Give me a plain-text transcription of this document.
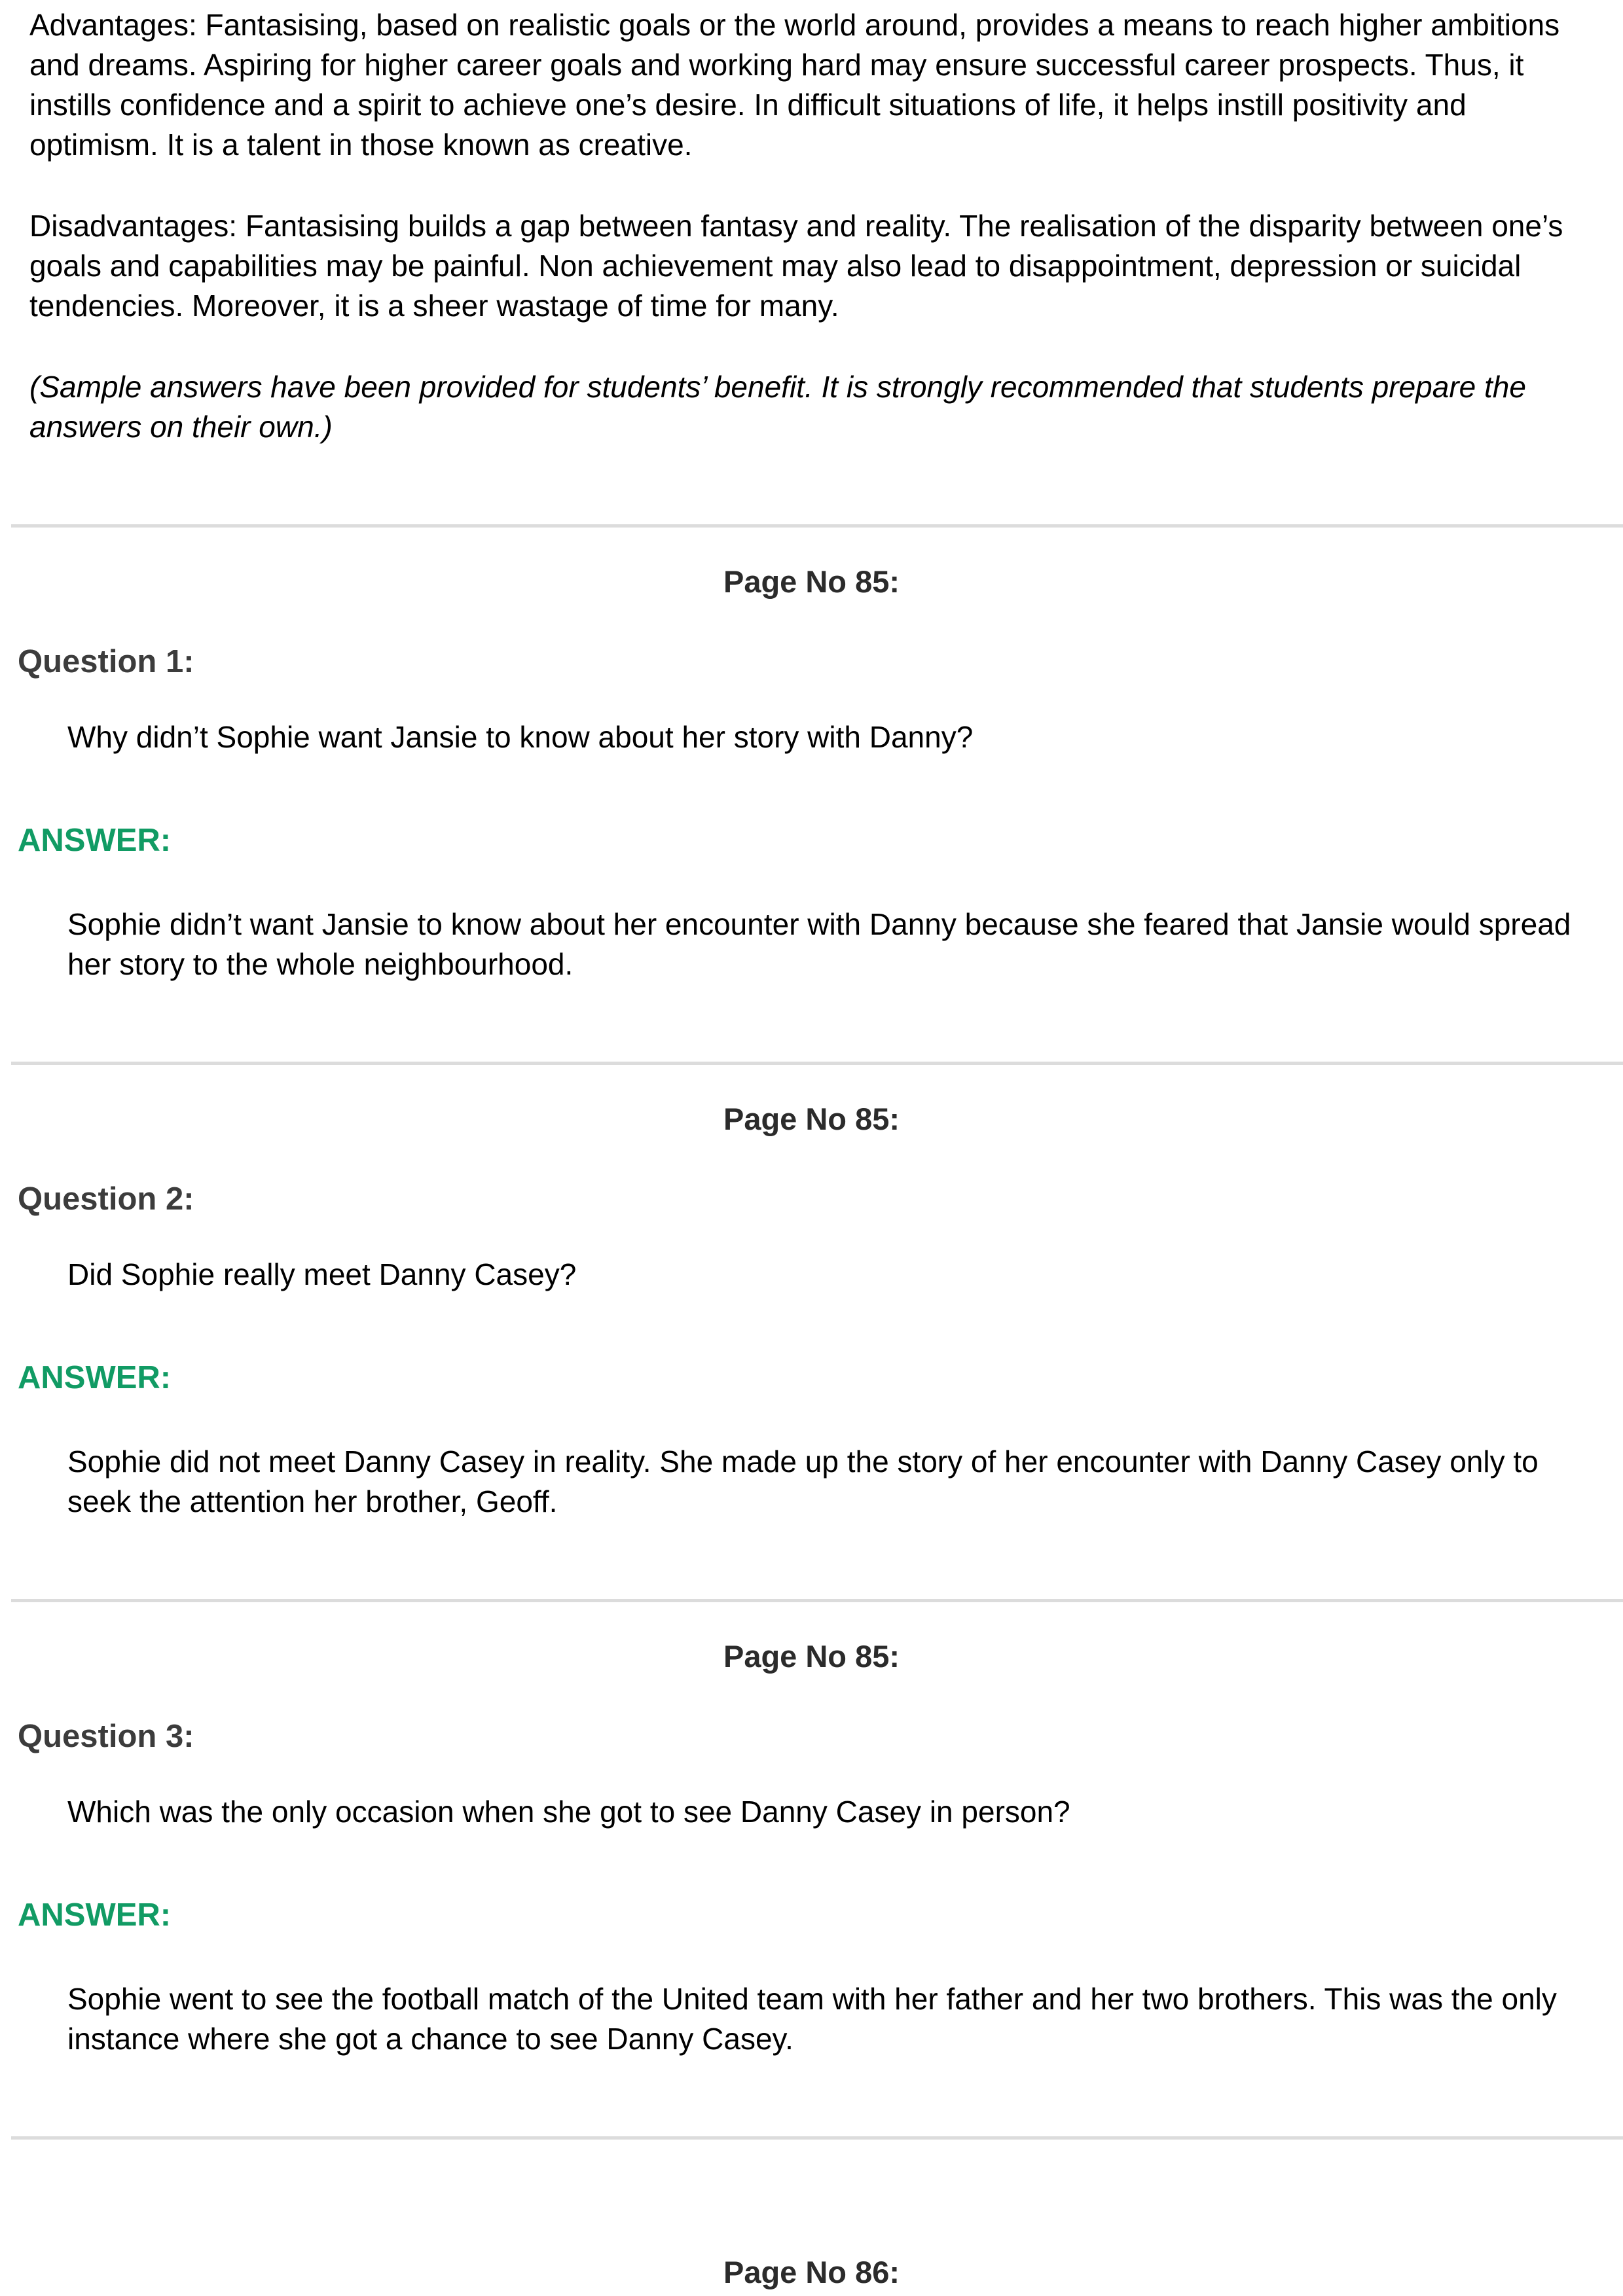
Advantages: Fantasising, based on realistic goals or the world around, provides a means to reach higher ambitions and dreams. Aspiring for higher career goals and working hard may ensure successful career prospects. Thus, it instills confidence and a spirit to achieve one’s desire. In difficult situations of life, it helps instill positivity and optimism. It is a talent in those known as creative.

Disadvantages: Fantasising builds a gap between fantasy and reality. The realisation of the disparity between one’s goals and capabilities may be painful. Non achievement may also lead to disappointment, depression or suicidal tendencies. Moreover, it is a sheer wastage of time for many.

(Sample answers have been provided for students’ benefit. It is strongly recommended that students prepare the answers on their own.)

Page No 85:
Question 1:

Why didn’t Sophie want Jansie to know about her story with Danny?

ANSWER:

Sophie didn’t want Jansie to know about her encounter with Danny because she feared that Jansie would spread her story to the whole neighbourhood.

Page No 85:
Question 2:

Did Sophie really meet Danny Casey?

ANSWER:

Sophie did not meet Danny Casey in reality. She made up the story of her encounter with Danny Casey only to seek the attention her brother, Geoff.

Page No 85:
Question 3:

Which was the only occasion when she got to see Danny Casey in person?

ANSWER:

Sophie went to see the football match of the United team with her father and her two brothers. This was the only instance where she got a chance to see Danny Casey.

Page No 86:
